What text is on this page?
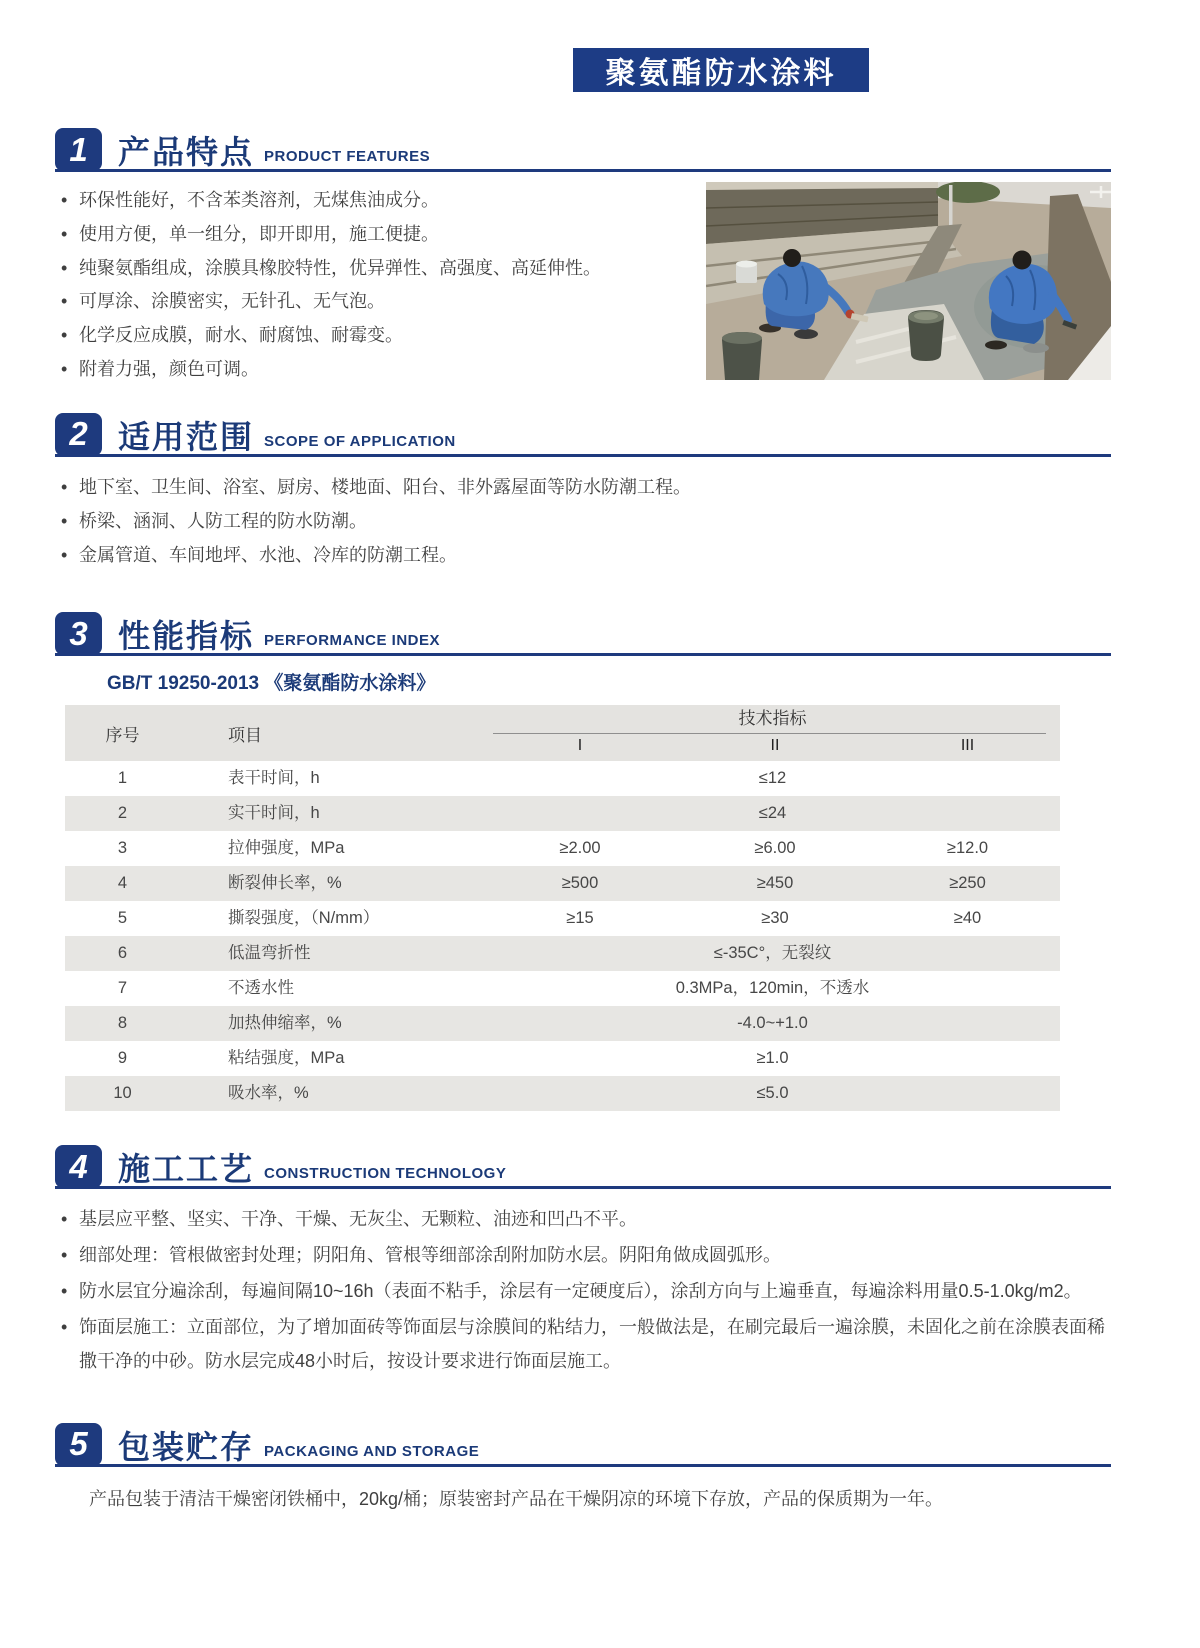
聚氨酯防水涂料
1 产品特点 PRODUCT FEATURES
• 环保性能好，不含苯类溶剂，无煤焦油成分。
• 使用方便，单一组分，即开即用，施工便捷。
• 纯聚氨酯组成，涂膜具橡胶特性，优异弹性、高强度、高延伸性。
• 可厚涂、涂膜密实，无针孔、无气泡。
• 化学反应成膜，耐水、耐腐蚀、耐霉变。
• 附着力强，颜色可调。
2 适用范围 SCOPE OF APPLICATION
• 地下室、卫生间、浴室、厨房、楼地面、阳台、非外露屋面等防水防潮工程。
• 桥梁、涵洞、人防工程的防水防潮。
• 金属管道、车间地坪、水池、冷库的防潮工程。
3 性能指标 PERFORMANCE INDEX
GB/T 19250-2013 《聚氨酯防水涂料》
序号	项目
技术指标
I	II	III
1	表干时间，h	≤12
2	实干时间，h	≤24
3	拉伸强度，MPa	≥2.00	≥6.00	≥12.0
4	断裂伸长率，%	≥500	≥450	≥250
5	撕裂强度，（N/mm）	≥15	≥30	≥40
6	低温弯折性	≤-35C°，无裂纹
7	不透水性	0.3MPa，120min，不透水
8	加热伸缩率，%	-4.0~+1.0
9	粘结强度，MPa	≥1.0
10	吸水率，%	≤5.0
4 施工工艺 CONSTRUCTION TECHNOLOGY
• 基层应平整、坚实、干净、干燥、无灰尘、无颗粒、油迹和凹凸不平。
• 细部处理：管根做密封处理；阴阳角、管根等细部涂刮附加防水层。阴阳角做成圆弧形。
• 防水层宜分遍涂刮，每遍间隔10~16h（表面不粘手，涂层有一定硬度后），涂刮方向与上遍垂直，每遍涂料用量0.5-1.0kg/m2。
• 饰面层施工：立面部位，为了增加面砖等饰面层与涂膜间的粘结力，一般做法是，在刷完最后一遍涂膜，未固化之前在涂膜表面稀撒干净的中砂。防水层完成48小时后，按设计要求进行饰面层施工。
5 包装贮存 PACKAGING AND STORAGE
产品包装于清洁干燥密闭铁桶中，20kg/桶；原装密封产品在干燥阴凉的环境下存放，产品的保质期为一年。
